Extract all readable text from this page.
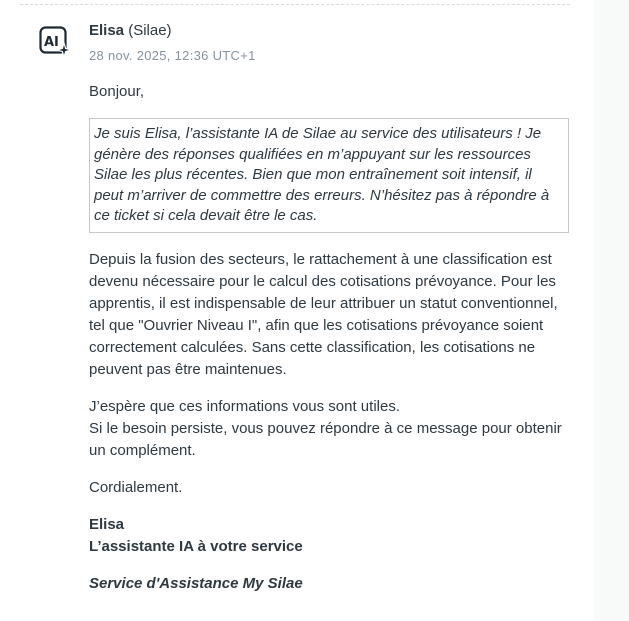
AI
Elisa (Silae)
28 nov. 2025, 12:36 UTC+1

Bonjour,

Je suis Elisa, l’assistante IA de Silae au service des utilisateurs ! Je génère des réponses qualifiées en m’appuyant sur les ressources Silae les plus récentes. Bien que mon entraînement soit intensif, il peut m’arriver de commettre des erreurs. N’hésitez pas à répondre à ce ticket si cela devait être le cas.

Depuis la fusion des secteurs, le rattachement à une classification est devenu nécessaire pour le calcul des cotisations prévoyance. Pour les apprentis, il est indispensable de leur attribuer un statut conventionnel, tel que "Ouvrier Niveau I", afin que les cotisations prévoyance soient correctement calculées. Sans cette classification, les cotisations ne peuvent pas être maintenues.

J’espère que ces informations vous sont utiles.

Si le besoin persiste, vous pouvez répondre à ce message pour obtenir un complément.

Cordialement.

Elisa

L’assistante IA à votre service

Service d'Assistance My Silae
